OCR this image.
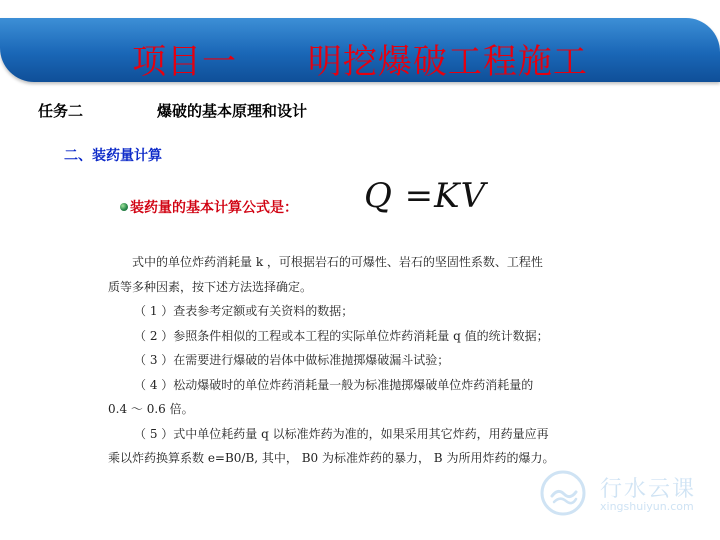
项目一      明挖爆破工程施工
任务二	爆破的基本原理和设计
二、装药量计算
装药量的基本计算公式是： Q =KV

式中的单位炸药消耗量 k ，可根据岩石的可爆性、岩石的坚固性系数、工程性

质等多种因素，按下述方法选择确定。

（ 1 ）查表参考定额或有关资料的数据；

（ 2 ）参照条件相似的工程或本工程的实际单位炸药消耗量 q 值的统计数据；

（ 3 ）在需要进行爆破的岩体中做标准抛掷爆破漏斗试验；

（ 4 ）松动爆破时的单位炸药消耗量一般为标准抛掷爆破单位炸药消耗量的

0.4 ～ 0.6 倍。

（ 5 ）式中单位耗药量 q 以标准炸药为准的，如果采用其它炸药，用药量应再

乘以炸药换算系数 e=B0/B, 其中， B0 为标准炸药的暴力， B 为所用炸药的爆力。

行水云课
xingshuiyun.com
